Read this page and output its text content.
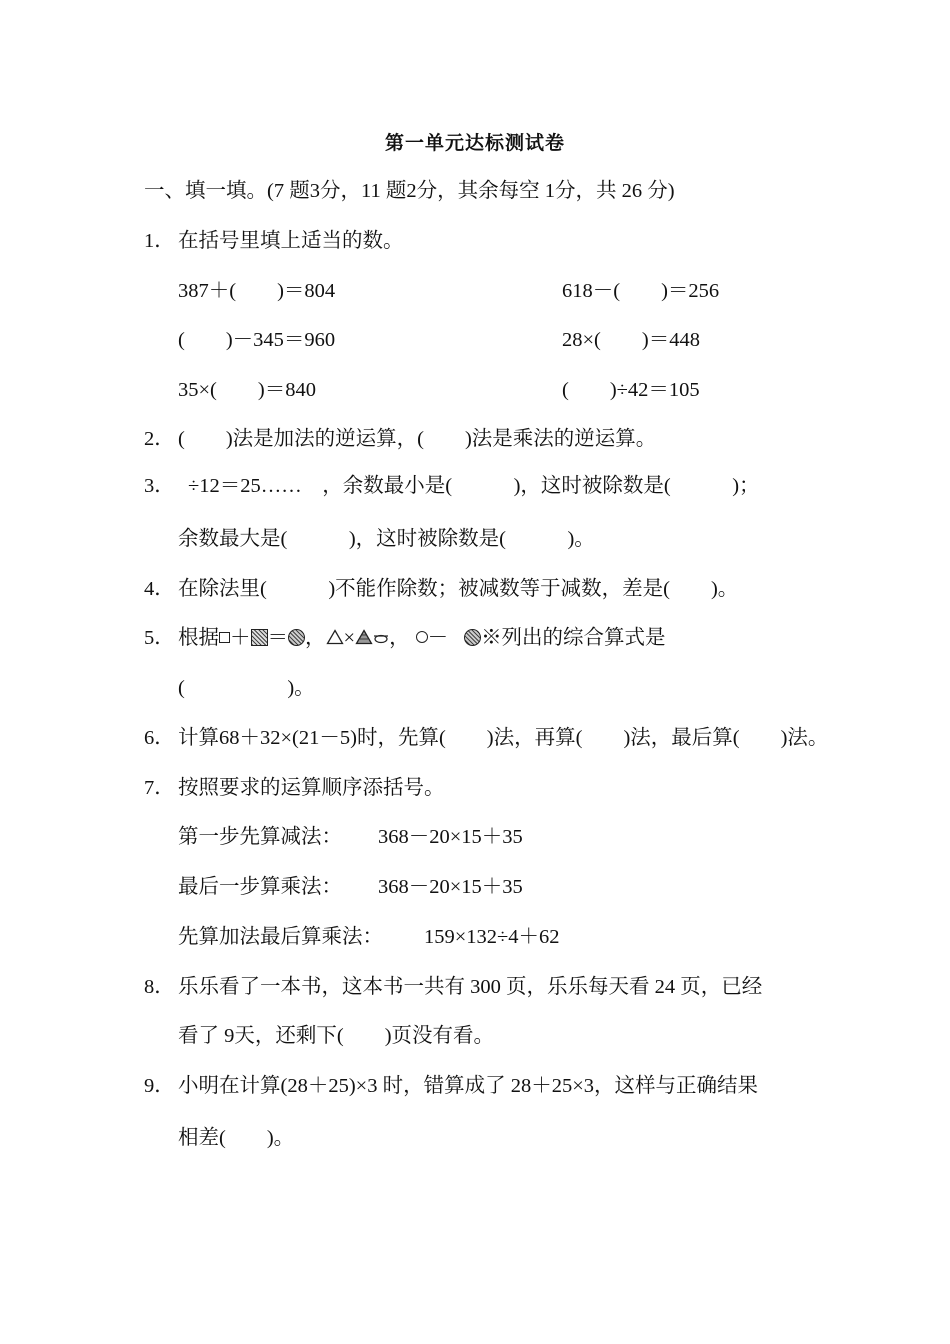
第一单元达标测试卷
一、填一填。(7 题3分，11 题2分，其余每空 1分，共 26 分)
1． 在括号里填上适当的数。
387＋(　　)＝804	618－(　　)＝256
(　　)－345＝960	28×(　　)＝448
35×(　　)＝840	(　　)÷42＝105
2． (　　)法是加法的逆运算，(　　)法是乘法的逆运算。
3． ÷12＝25……　，余数最小是(　　　)，这时被除数是(　　　)；
余数最大是(　　　)，这时被除数是(　　　)。
4． 在除法里(　　　)不能作除数；被减数等于减数，差是(　　)。
5． 根据 ＋ ＝ ， × ， － ※列出的综合算式是
(　　　　　)。
6． 计算68＋32×(21－5)时，先算(　　)法，再算(　　)法，最后算(　　)法。
7． 按照要求的运算顺序添括号。
第一步先算减法： 368－20×15＋35
最后一步算乘法： 368－20×15＋35
先算加法最后算乘法： 159×132÷4＋62
8． 乐乐看了一本书，这本书一共有 300 页，乐乐每天看 24 页，已经
看了 9天，还剩下(　　)页没有看。
9． 小明在计算(28＋25)×3 时，错算成了 28＋25×3，这样与正确结果
相差(　　)。
